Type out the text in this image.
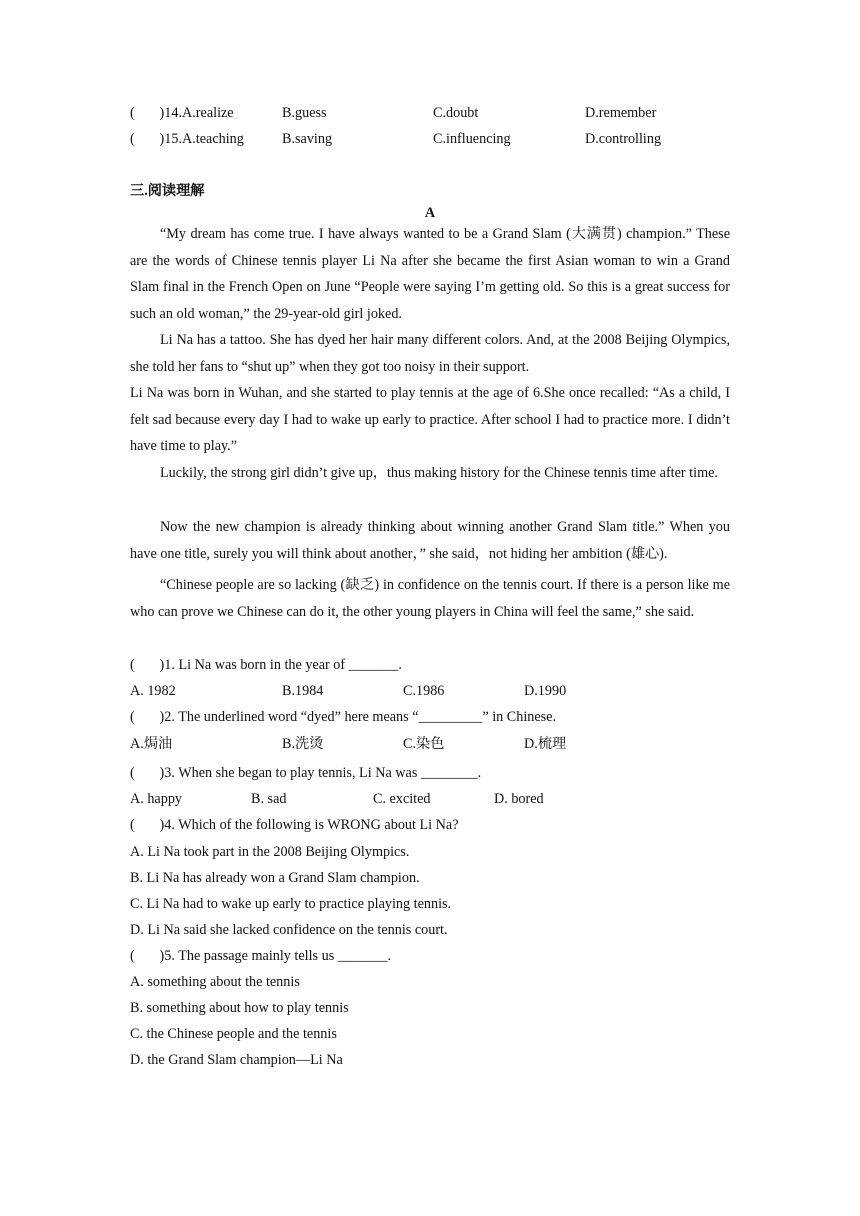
(       )14.A.realize	B.guess	C.doubt	D.remember
(       )15.A.teaching	B.saving	C.influencing	D.controlling
三.阅读理解
A
“My dream has come true. I have always wanted to be a Grand Slam (大满贯) champion.” These are the words of Chinese tennis player Li Na after she became the first Asian woman to win a Grand Slam final in the French Open on June “People were saying I’m getting old. So this is a great success for such an old woman,” the 29-year-old girl joked.
Li Na has a tattoo. She has dyed her hair many different colors. And, at the 2008 Beijing Olympics, she told her fans to “shut up” when they got too noisy in their support.
Li Na was born in Wuhan, and she started to play tennis at the age of 6.She once recalled: “As a child, I felt sad because every day I had to wake up early to practice. After school I had to practice more. I didn’t have time to play.”
Luckily, the strong girl didn’t give up，thus making history for the Chinese tennis time after time.
Now the new champion is already thinking about winning another Grand Slam title.” When you have one title, surely you will think about another，” she said，not hiding her ambition (雄心).
“Chinese people are so lacking (缺乏) in confidence on the tennis court. If there is a person like me who can prove we Chinese can do it, the other young players in China will feel the same,” she said.
(       )1. Li Na was born in the year of _______.
A. 1982	B.1984	C.1986	D.1990
(       )2. The underlined word “dyed” here means “_________” in Chinese.
A.焗油	B.洗烫	C.染色	D.梳理
(       )3. When she began to play tennis, Li Na was ________.
A. happy	B. sad	C. excited	D. bored
(       )4. Which of the following is WRONG about Li Na?
A. Li Na took part in the 2008 Beijing Olympics.
B. Li Na has already won a Grand Slam champion.
C. Li Na had to wake up early to practice playing tennis.
D. Li Na said she lacked confidence on the tennis court.
(       )5. The passage mainly tells us _______.
A. something about the tennis
B. something about how to play tennis
C. the Chinese people and the tennis
D. the Grand Slam champion—Li Na
